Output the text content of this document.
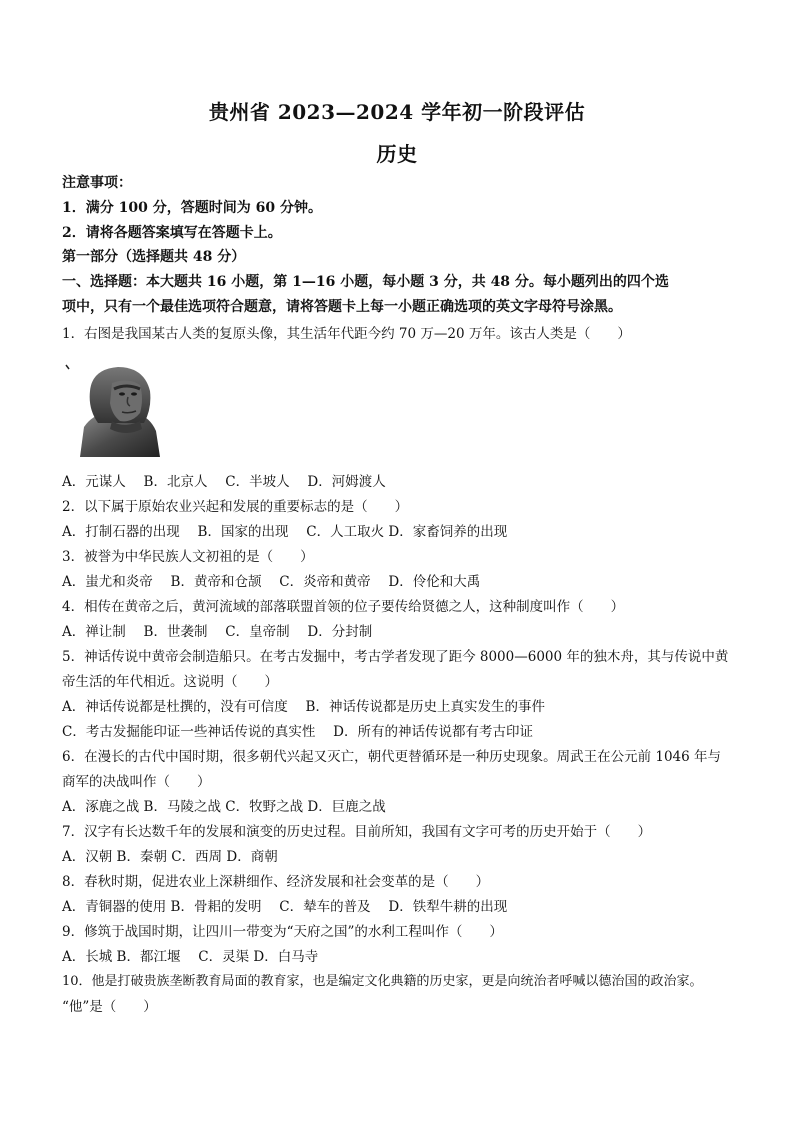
贵州省 2023—2024 学年初一阶段评估
历史
注意事项：
1．满分 100 分，答题时间为 60 分钟。
2．请将各题答案填写在答题卡上。
第一部分（选择题共 48 分）
一、选择题：本大题共 16 小题，第 1—16 小题，每小题 3 分，共 48 分。每小题列出的四个选
项中，只有一个最佳选项符合题意，请将答题卡上每一小题正确选项的英文字母符号涂黑。
1．右图是我国某古人类的复原头像，其生活年代距今约 70 万—20 万年。该古人类是（　　）
A．元谋人　 B．北京人　 C．半坡人　 D．河姆渡人
2．以下属于原始农业兴起和发展的重要标志的是（　　）
A．打制石器的出现　 B．国家的出现　 C．人工取火 D．家畜饲养的出现
3．被誉为中华民族人文初祖的是（　　）
A．蚩尤和炎帝　 B．黄帝和仓颉　 C．炎帝和黄帝　 D．伶伦和大禹
4．相传在黄帝之后，黄河流域的部落联盟首领的位子要传给贤德之人，这种制度叫作（　　）
A．禅让制　 B．世袭制　 C．皇帝制　 D．分封制
5．神话传说中黄帝会制造船只。在考古发掘中，考古学者发现了距今 8000—6000 年的独木舟，其与传说中黄
帝生活的年代相近。这说明（　　）
A．神话传说都是杜撰的，没有可信度　 B．神话传说都是历史上真实发生的事件
C．考古发掘能印证一些神话传说的真实性　 D．所有的神话传说都有考古印证
6．在漫长的古代中国时期，很多朝代兴起又灭亡，朝代更替循环是一种历史现象。周武王在公元前 1046 年与
商军的决战叫作（　　）
A．涿鹿之战 B．马陵之战 C．牧野之战 D．巨鹿之战
7．汉字有长达数千年的发展和演变的历史过程。目前所知，我国有文字可考的历史开始于（　　）
A．汉朝 B．秦朝 C．西周 D．商朝
8．春秋时期，促进农业上深耕细作、经济发展和社会变革的是（　　）
A．青铜器的使用 B．骨耜的发明　 C．辇车的普及　 D．铁犁牛耕的出现
9．修筑于战国时期，让四川一带变为“天府之国”的水利工程叫作（　　）
A．长城 B．都江堰　 C．灵渠 D．白马寺
10．他是打破贵族垄断教育局面的教育家，也是编定文化典籍的历史家，更是向统治者呼喊以德治国的政治家。
“他”是（　　）
